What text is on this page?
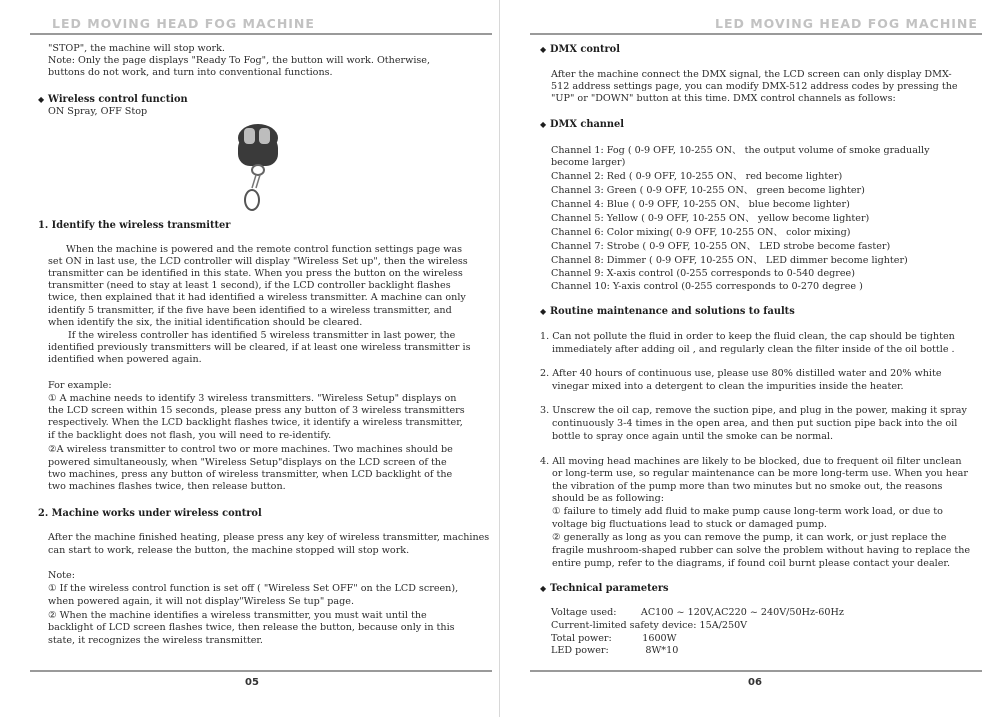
LED MOVING HEAD FOG MACHINE
"STOP", the machine will stop work.
Note: Only the page displays "Ready To Fog", the button will work. Otherwise,
buttons do not work, and turn into conventional functions.
◆ Wireless control function
ON Spray, OFF Stop
1. Identify the wireless transmitter
When the machine is powered and the remote control function settings page was
set ON in last use, the LCD controller will display "Wireless Set up", then the wireless
transmitter can be identified in this state. When you press the button on the wireless
transmitter (need to stay at least 1 second), if the LCD controller backlight flashes
twice, then explained that it had identified a wireless transmitter. A machine can only
identify 5 transmitter, if the five have been identified to a wireless transmitter, and
when identify the six, the initial identification should be cleared.
If the wireless controller has identified 5 wireless transmitter in last power, the
identified previously transmitters will be cleared, if at least one wireless transmitter is
identified when powered again.
For example:
① A machine needs to identify 3 wireless transmitters. "Wireless Setup" displays on
the LCD screen within 15 seconds, please press any button of 3 wireless transmitters
respectively. When the LCD backlight flashes twice, it identify a wireless transmitter,
if the backlight does not flash, you will need to re-identify.
②A wireless transmitter to control two or more machines. Two machines should be
powered simultaneously, when "Wireless Setup"displays on the LCD screen of the
two machines, press any button of wireless transmitter, when LCD backlight of the
two machines flashes twice, then release button.
2. Machine works under wireless control
After the machine finished heating, please press any key of wireless transmitter, machines
can start to work, release the button, the machine stopped will stop work.
Note:
① If the wireless control function is set off ( "Wireless Set OFF" on the LCD screen),
when powered again, it will not display"Wireless Se tup" page.
② When the machine identifies a wireless transmitter, you must wait until the
backlight of LCD screen flashes twice, then release the button, because only in this
state, it recognizes the wireless transmitter.
05
LED MOVING HEAD FOG MACHINE
◆ DMX control
After the machine connect the DMX signal, the LCD screen can only display DMX-
512 address settings page, you can modify DMX-512 address codes by pressing the
"UP" or "DOWN" button at this time. DMX control channels as follows:
◆ DMX channel
Channel 1: Fog ( 0-9 OFF, 10-255 ON、 the output volume of smoke gradually
become larger)
Channel 2: Red ( 0-9 OFF, 10-255 ON、 red become lighter)
Channel 3: Green ( 0-9 OFF, 10-255 ON、 green become lighter)
Channel 4: Blue ( 0-9 OFF, 10-255 ON、 blue become lighter)
Channel 5: Yellow ( 0-9 OFF, 10-255 ON、 yellow become lighter)
Channel 6: Color mixing( 0-9 OFF, 10-255 ON、 color mixing)
Channel 7: Strobe ( 0-9 OFF, 10-255 ON、 LED strobe become faster)
Channel 8: Dimmer ( 0-9 OFF, 10-255 ON、 LED dimmer become lighter)
Channel 9: X-axis control (0-255 corresponds to 0-540 degree)
Channel 10: Y-axis control (0-255 corresponds to 0-270 degree )
◆ Routine maintenance and solutions to faults
1. Can not pollute the fluid in order to keep the fluid clean, the cap should be tighten
immediately after adding oil , and regularly clean the filter inside of the oil bottle .
2. After 40 hours of continuous use, please use 80% distilled water and 20% white
vinegar mixed into a detergent to clean the impurities inside the heater.
3. Unscrew the oil cap, remove the suction pipe, and plug in the power, making it spray
continuously 3-4 times in the open area, and then put suction pipe back into the oil
bottle to spray once again until the smoke can be normal.
4. All moving head machines are likely to be blocked, due to frequent oil filter unclean
or long-term use, so regular maintenance can be more long-term use. When you hear
the vibration of the pump more than two minutes but no smoke out, the reasons
should be as following:
① failure to timely add fluid to make pump cause long-term work load, or due to
voltage big fluctuations lead to stuck or damaged pump.
② generally as long as you can remove the pump, it can work, or just replace the
fragile mushroom-shaped rubber can solve the problem without having to replace the
entire pump, refer to the diagrams, if found coil burnt please contact your dealer.
◆ Technical parameters
Voltage used:        AC100 ~ 120V,AC220 ~ 240V/50Hz-60Hz
Current-limited safety device: 15A/250V
Total power:          1600W
LED power:            8W*10
06
